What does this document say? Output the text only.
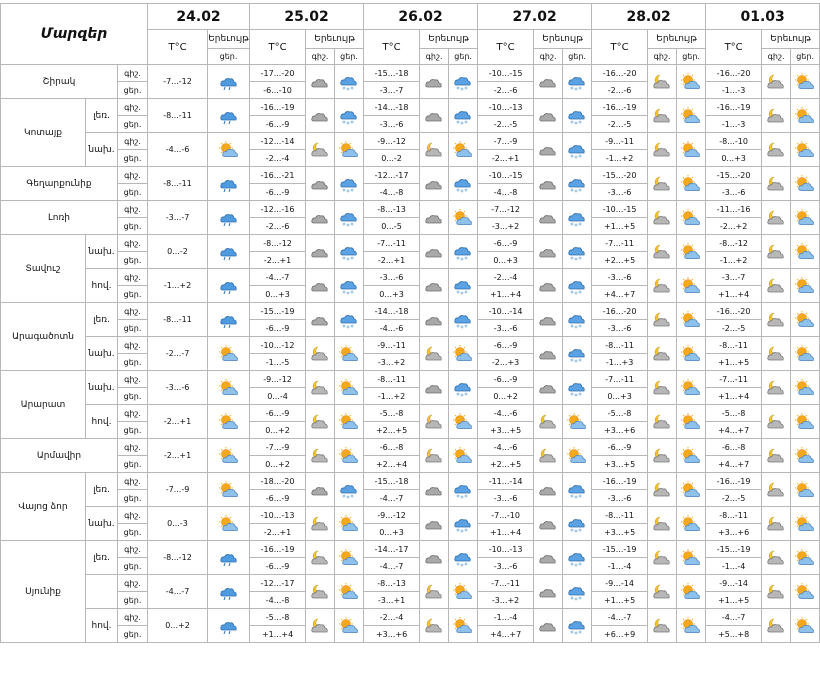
Մարզեր			24.02		25.02			26.02			27.02			28.02			01.03		
			T°C	Երեւույթ	T°C	Երեւույթ		T°C	Երեւույթ		T°C	Երեւույթ		T°C	Երեւույթ		T°C	Երեւույթ	
				ցեր.		գիշ.	ցեր.		գիշ.	ցեր.		գիշ.	ցեր.		գիշ.	ցեր.		գիշ.	ցեր.
Շիրակ		գիշ.	-7...-12		-17...-20			-15...-18			-10...-15			-16...-20			-16...-20		
		ցեր.			-6...-10			-3...-7			-2...-6			-2...-6			-1...-3		
Կոտայք	լեռ.	գիշ.	-8...-11		-16...-19			-14...-18			-10...-13			-16...-19			-16...-19		
		ցեր.			-6...-9			-3...-6			-2...-5			-2...-5			-1...-3		
	նախ.	գիշ.	-4...-6		-12...-14			-9...-12			-7...-9			-9...-11			-8...-10		
		ցեր.			-2...-4			0...-2			-2...+1			-1...+2			0...+3		
Գեղարքունիք		գիշ.	-8...-11		-16...-21			-12...-17			-10...-15			-15...-20			-15...-20		
		ցեր.			-6...-9			-4...-8			-4...-8			-3...-6			-3...-6		
Լոռի		գիշ.	-3...-7		-12...-16			-8...-13			-7...-12			-10...-15			-11...-16		
		ցեր.			-2...-6			0...-5			-3...+2			+1...+5			-2...+2		
Տավուշ	նախ.	գիշ.	0...-2		-8...-12			-7...-11			-6...-9			-7...-11			-8...-12		
		ցեր.			-2...+1			-2...+1			0...+3			+2...+5			-1...+2		
	հով.	գիշ.	-1...+2		-4...-7			-3...-6			-2...-4			-3...-6			-3...-7		
		ցեր.			0...+3			0...+3			+1...+4			+4...+7			+1...+4		
Արագածոտն	լեռ.	գիշ.	-8...-11		-15...-19			-14...-18			-10...-14			-16...-20			-16...-20		
		ցեր.			-6...-9			-4...-6			-3...-6			-3...-6			-2...-5		
	նախ.	գիշ.	-2...-7		-10...-12			-9...-11			-6...-9			-8...-11			-8...-11		
		ցեր.			-1...-5			-3...+2			-2...+3			-1...+3			+1...+5		
Արարատ	նախ.	գիշ.	-3...-6		-9...-12			-8...-11			-6...-9			-7...-11			-7...-11		
		ցեր.			0...-4			-1...+2			0...+2			0...+3			+1...+4		
	հով.	գիշ.	-2...+1		-6...-9			-5...-8			-4...-6			-5...-8			-5...-8		
		ցեր.			0...+2			+2...+5			+3...+5			+3...+6			+4...+7		
Արմավիր		գիշ.	-2...+1		-7...-9			-6...-8			-4...-6			-6...-9			-6...-8		
		ցեր.			0...+2			+2...+4			+2...+5			+3...+5			+4...+7		
Վայոց ձոր	լեռ.	գիշ.	-7...-9		-18...-20			-15...-18			-11...-14			-16...-19			-16...-19		
		ցեր.			-6...-9			-4...-7			-3...-6			-3...-6			-2...-5		
	նախ.	գիշ.	0...-3		-10...-13			-9...-12			-7...-10			-8...-11			-8...-11		
		ցեր.			-2...+1			0...+3			+1...+4			+3...+5			+3...+6		
Սյունիք	լեռ.	գիշ.	-8...-12		-16...-19			-14...-17			-10...-13			-15...-19			-15...-19		
		ցեր.			-6...-9			-4...-7			-3...-6			-1...-4			-1...-4		
		գիշ.	-4...-7		-12...-17			-8...-13			-7...-11			-9...-14			-9...-14		
		ցեր.			-4...-8			-3...+1			-3...+2			+1...+5			+1...+5		
	հով.	գիշ.	0...+2		-5...-8			-2...-4			-1...-4			-4...-7			-4...-7		
		ցեր.			+1...+4			+3...+6			+4...+7			+6...+9			+5...+8		
